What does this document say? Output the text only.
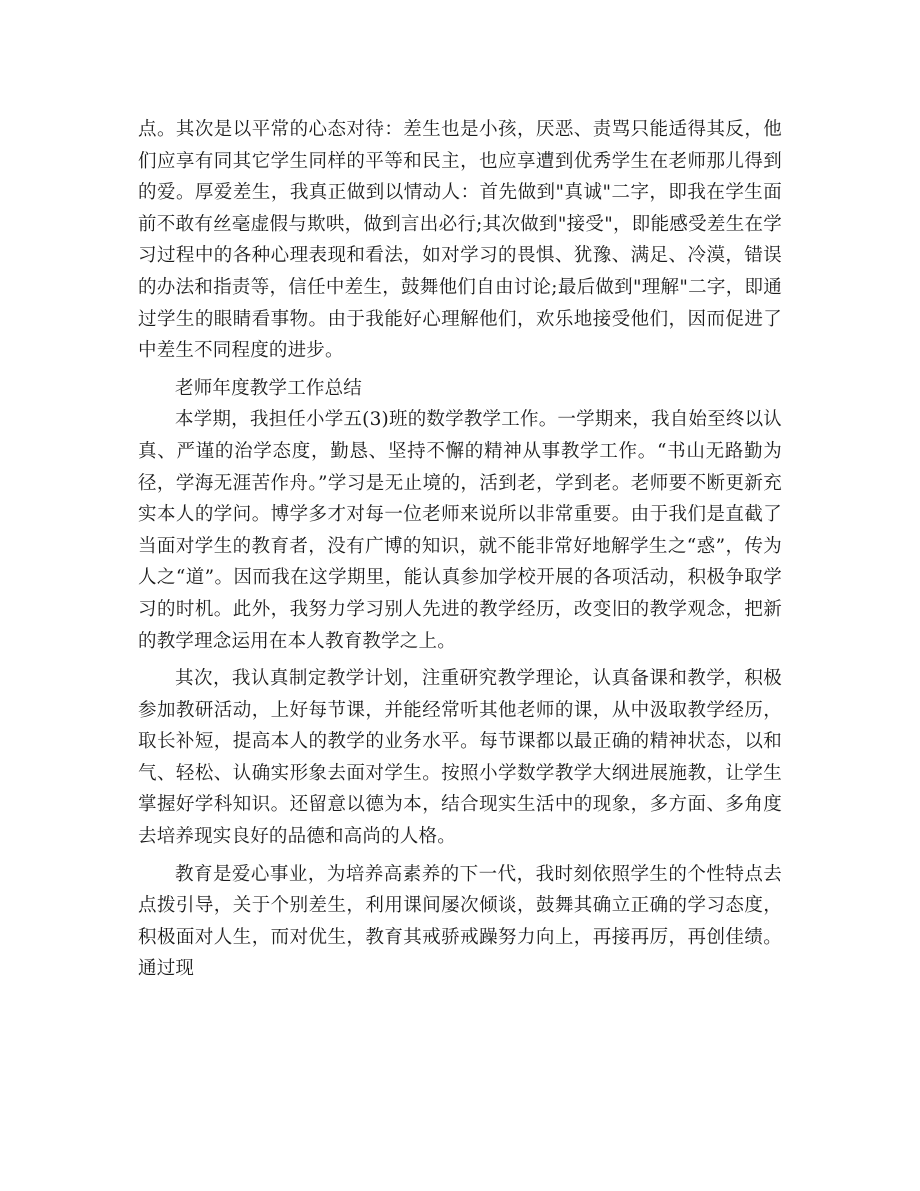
点。其次是以平常的心态对待：差生也是小孩，厌恶、责骂只能适得其反，他们应享有同其它学生同样的平等和民主，也应享遭到优秀学生在老师那儿得到的爱。厚爱差生，我真正做到以情动人：首先做到"真诚"二字，即我在学生面前不敢有丝毫虚假与欺哄，做到言出必行;其次做到"接受"，即能感受差生在学习过程中的各种心理表现和看法，如对学习的畏惧、犹豫、满足、冷漠，错误的办法和指责等，信任中差生，鼓舞他们自由讨论;最后做到"理解"二字，即通过学生的眼睛看事物。由于我能好心理解他们，欢乐地接受他们，因而促进了中差生不同程度的进步。

老师年度教学工作总结

本学期，我担任小学五(3)班的数学教学工作。一学期来，我自始至终以认真、严谨的治学态度，勤恳、坚持不懈的精神从事教学工作。“书山无路勤为径，学海无涯苦作舟。”学习是无止境的，活到老，学到老。老师要不断更新充实本人的学问。博学多才对每一位老师来说所以非常重要。由于我们是直截了当面对学生的教育者，没有广博的知识，就不能非常好地解学生之“惑”，传为人之“道”。因而我在这学期里，能认真参加学校开展的各项活动，积极争取学习的时机。此外，我努力学习别人先进的教学经历，改变旧的教学观念，把新的教学理念运用在本人教育教学之上。

其次，我认真制定教学计划，注重研究教学理论，认真备课和教学，积极参加教研活动，上好每节课，并能经常听其他老师的课，从中汲取教学经历，取长补短，提高本人的教学的业务水平。每节课都以最正确的精神状态，以和气、轻松、认确实形象去面对学生。按照小学数学教学大纲进展施教，让学生掌握好学科知识。还留意以德为本，结合现实生活中的现象，多方面、多角度去培养现实良好的品德和高尚的人格。

教育是爱心事业，为培养高素养的下一代，我时刻依照学生的个性特点去点拨引导，关于个别差生，利用课间屡次倾谈，鼓舞其确立正确的学习态度，积极面对人生，而对优生，教育其戒骄戒躁努力向上，再接再厉，再创佳绩。通过现
